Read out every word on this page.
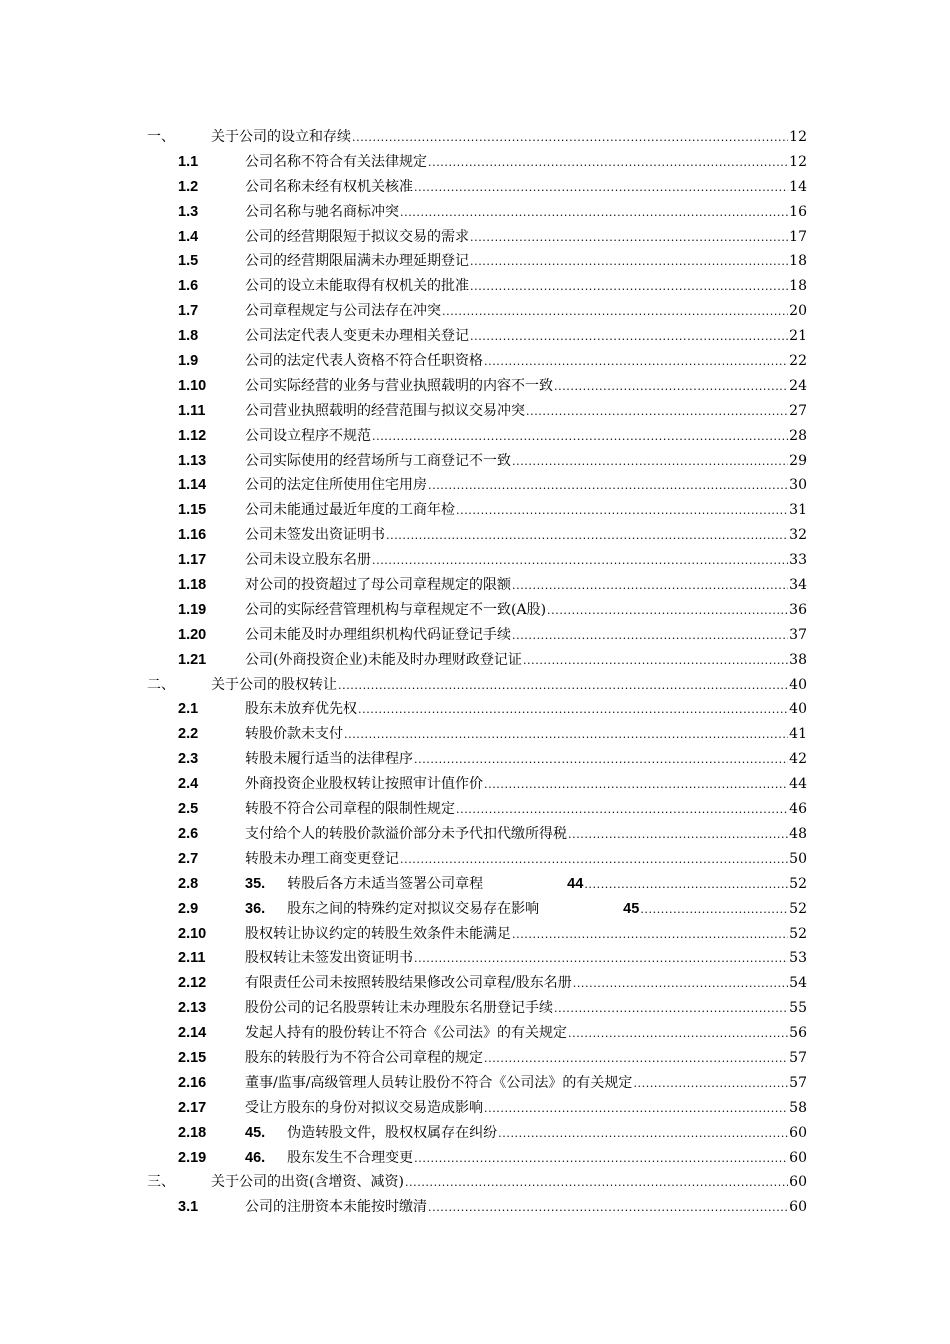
一、	关于公司的设立和存续 .....	12
1.1	公司名称不符合有关法律规定 .....	12
1.2	公司名称未经有权机关核准 .....	14
1.3	公司名称与驰名商标冲突 .....	16
1.4	公司的经营期限短于拟议交易的需求 .....	17
1.5	公司的经营期限届满未办理延期登记 .....	18
1.6	公司的设立未能取得有权机关的批准 .....	18
1.7	公司章程规定与公司法存在冲突 .....	20
1.8	公司法定代表人变更未办理相关登记 .....	21
1.9	公司的法定代表人资格不符合任职资格 .....	22
1.10	公司实际经营的业务与营业执照载明的内容不一致 .....	24
1.11	公司营业执照载明的经营范围与拟议交易冲突 .....	27
1.12	公司设立程序不规范 .....	28
1.13	公司实际使用的经营场所与工商登记不一致 .....	29
1.14	公司的法定住所使用住宅用房 .....	30
1.15	公司未能通过最近年度的工商年检 .....	31
1.16	公司未签发出资证明书 .....	32
1.17	公司未设立股东名册 .....	33
1.18	对公司的投资超过了母公司章程规定的限额 .....	34
1.19	公司的实际经营管理机构与章程规定不一致(A股) .....	36
1.20	公司未能及时办理组织机构代码证登记手续 .....	37
1.21	公司(外商投资企业)未能及时办理财政登记证 .....	38
二、	关于公司的股权转让 .....	40
2.1	股东未放弃优先权 .....	40
2.2	转股价款未支付 .....	41
2.3	转股未履行适当的法律程序 .....	42
2.4	外商投资企业股权转让按照审计值作价 .....	44
2.5	转股不符合公司章程的限制性规定 .....	46
2.6	支付给个人的转股价款溢价部分未予代扣代缴所得税 .....	48
2.7	转股未办理工商变更登记 .....	50
2.8	35. 转股后各方未适当签署公司章程	44 .....	52
2.9	36. 股东之间的特殊约定对拟议交易存在影响	45 .....	52
2.10	股权转让协议约定的转股生效条件未能满足 .....	52
2.11	股权转让未签发出资证明书 .....	53
2.12	有限责任公司未按照转股结果修改公司章程/股东名册 .....	54
2.13	股份公司的记名股票转让未办理股东名册登记手续 .....	55
2.14	发起人持有的股份转让不符合《公司法》的有关规定 .....	56
2.15	股东的转股行为不符合公司章程的规定 .....	57
2.16	董事/监事/高级管理人员转让股份不符合《公司法》的有关规定 .....	57
2.17	受让方股东的身份对拟议交易造成影响 .....	58
2.18	45. 伪造转股文件，股权权属存在纠纷 .....	60
2.19	46. 股东发生不合理变更 .....	60
三、	关于公司的出资(含增资、减资) .....	60
3.1	公司的注册资本未能按时缴清 .....	60
